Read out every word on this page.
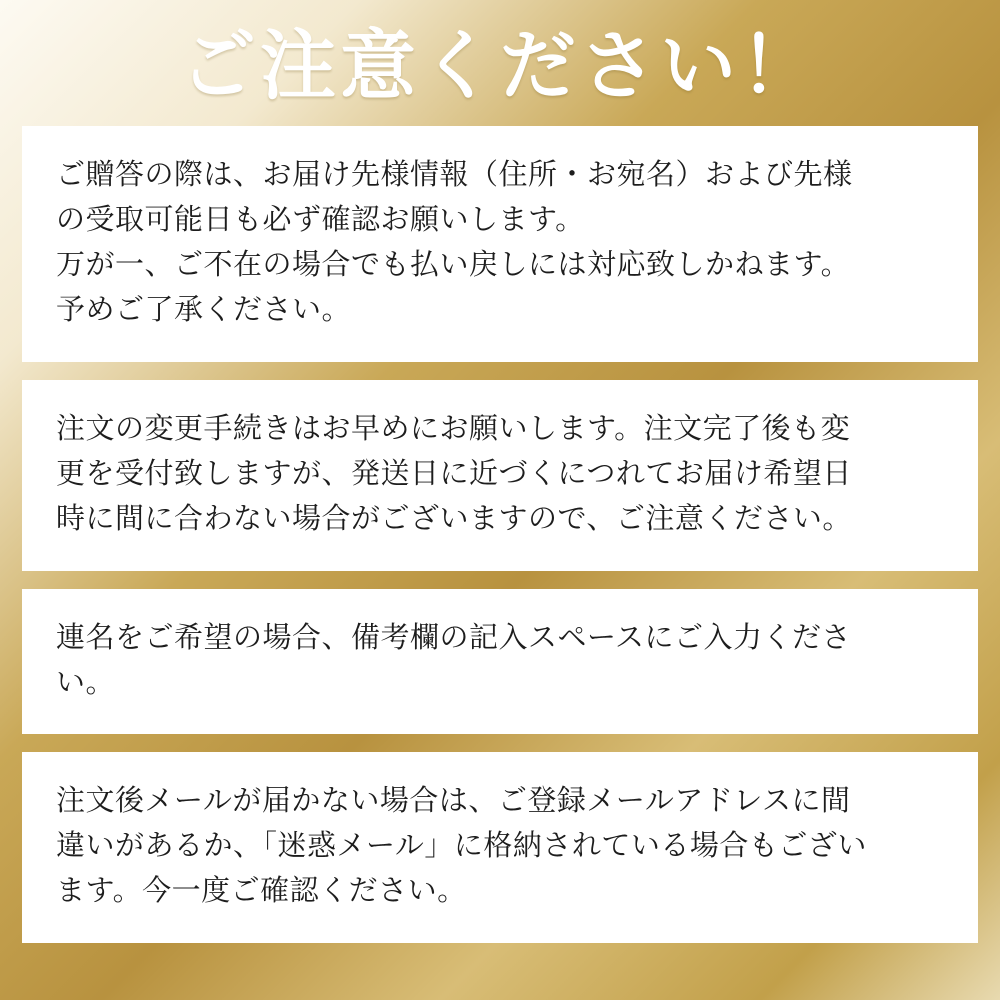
ご注意ください！

ご贈答の際は、お届け先様情報（住所・お宛名）および先様

の受取可能日も必ず確認お願いします。

万が一、ご不在の場合でも払い戻しには対応致しかねます。

予めご了承ください。

注文の変更手続きはお早めにお願いします。注文完了後も変

更を受付致しますが、発送日に近づくにつれてお届け希望日

時に間に合わない場合がございますので、ご注意ください。

連名をご希望の場合、備考欄の記入スペースにご入力くださ

い。

注文後メールが届かない場合は、ご登録メールアドレスに間

違いがあるか、「迷惑メール」に格納されている場合もござい

ます。今一度ご確認ください。
